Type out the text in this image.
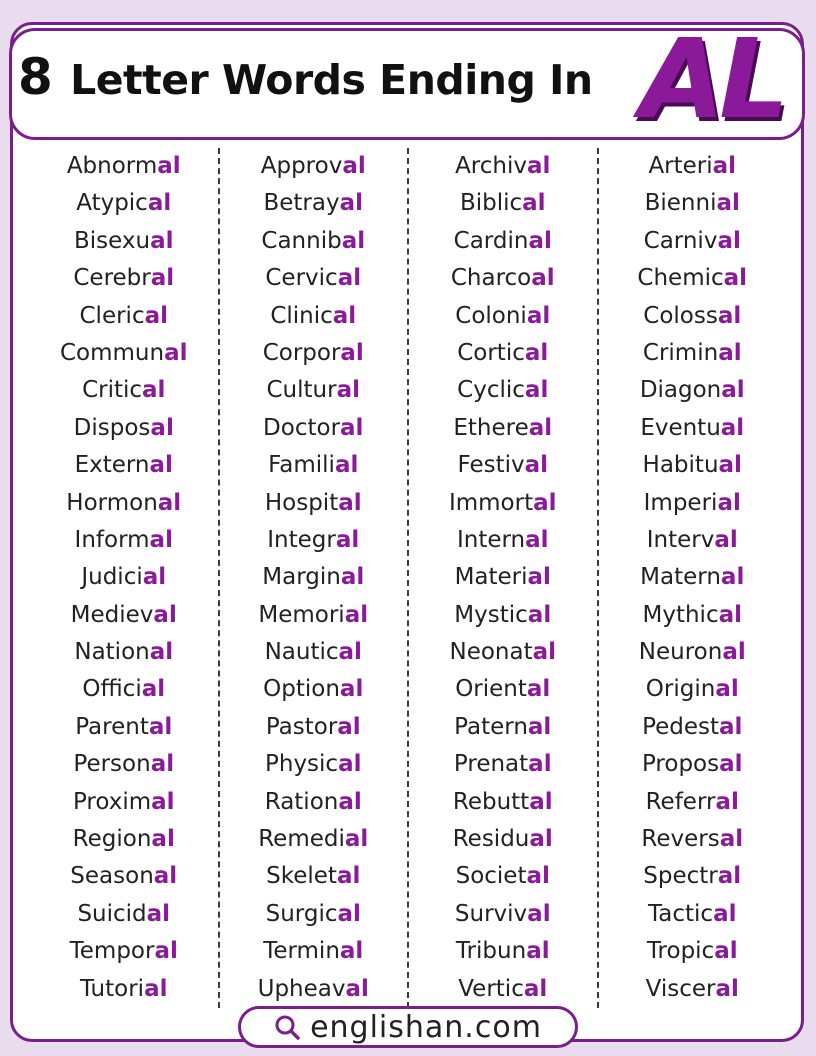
8 Letter Words Ending In AL
Abnormal
Atypical
Bisexual
Cerebral
Clerical
Communal
Critical
Disposal
External
Hormonal
Informal
Judicial
Medieval
National
Official
Parental
Personal
Proximal
Regional
Seasonal
Suicidal
Temporal
Tutorial
Approval
Betrayal
Cannibal
Cervical
Clinical
Corporal
Cultural
Doctoral
Familial
Hospital
Integral
Marginal
Memorial
Nautical
Optional
Pastoral
Physical
Rational
Remedial
Skeletal
Surgical
Terminal
Upheaval
Archival
Biblical
Cardinal
Charcoal
Colonial
Cortical
Cyclical
Ethereal
Festival
Immortal
Internal
Material
Mystical
Neonatal
Oriental
Paternal
Prenatal
Rebuttal
Residual
Societal
Survival
Tribunal
Vertical
Arterial
Biennial
Carnival
Chemical
Colossal
Criminal
Diagonal
Eventual
Habitual
Imperial
Interval
Maternal
Mythical
Neuronal
Original
Pedestal
Proposal
Referral
Reversal
Spectral
Tactical
Tropical
Visceral
englishan.com
